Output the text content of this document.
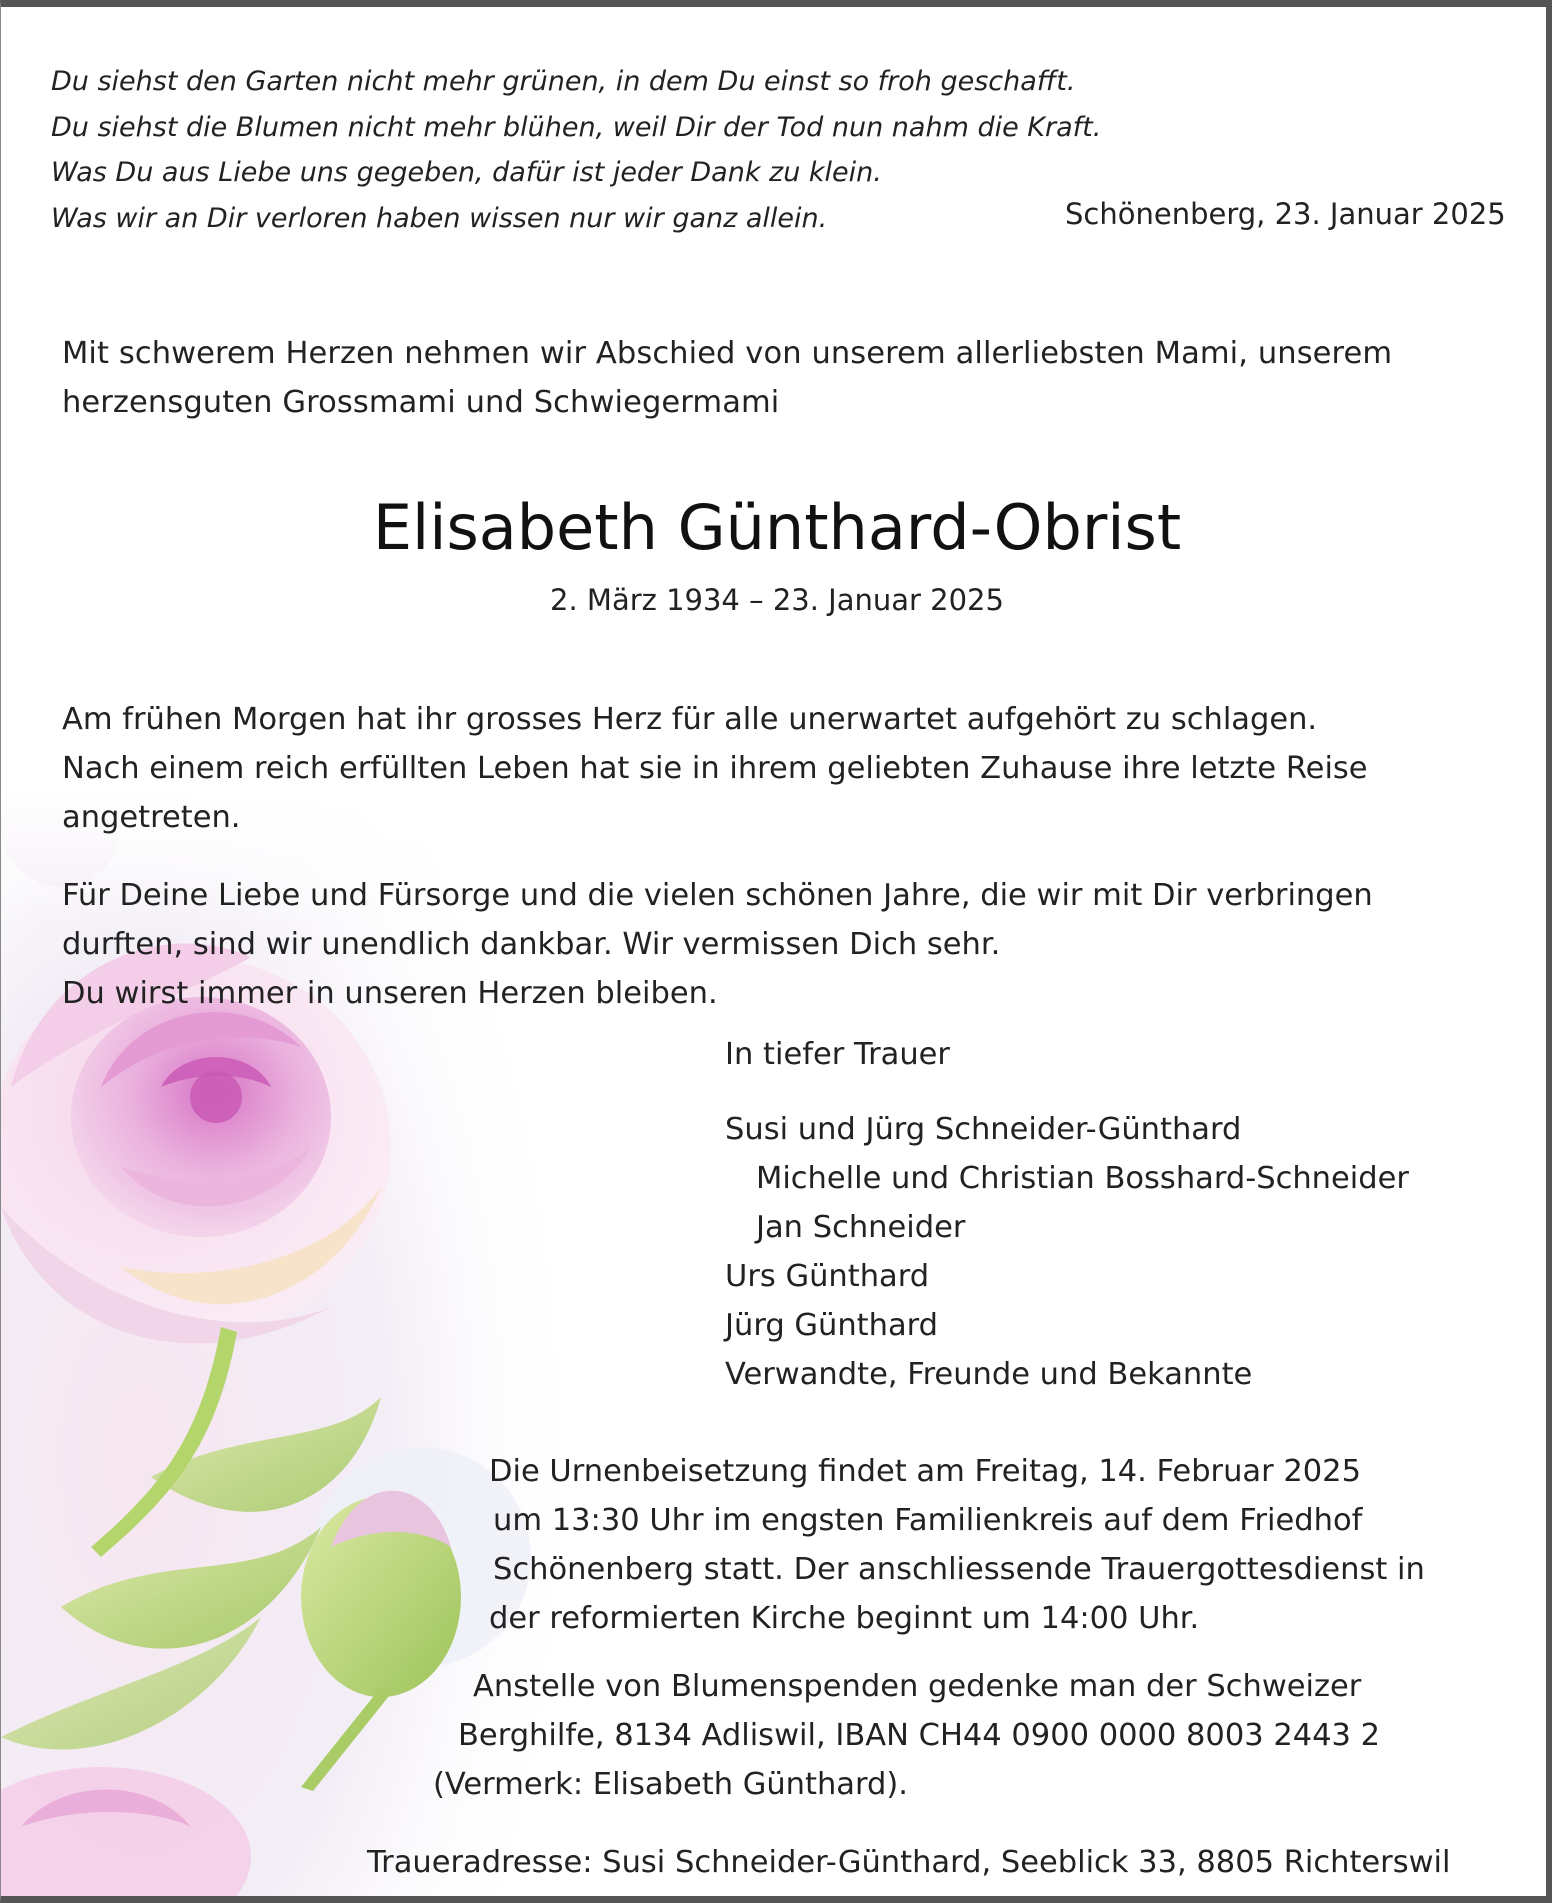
Du siehst den Garten nicht mehr grünen, in dem Du einst so froh geschafft.
Du siehst die Blumen nicht mehr blühen, weil Dir der Tod nun nahm die Kraft.
Was Du aus Liebe uns gegeben, dafür ist jeder Dank zu klein.
Was wir an Dir verloren haben wissen nur wir ganz allein.	Schönenberg, 23. Januar 2025
Mit schwerem Herzen nehmen wir Abschied von unserem allerliebsten Mami, unserem
herzensguten Grossmami und Schwiegermami
Elisabeth Günthard-Obrist
2. März 1934 – 23. Januar 2025
Am frühen Morgen hat ihr grosses Herz für alle unerwartet aufgehört zu schlagen.
Nach einem reich erfüllten Leben hat sie in ihrem geliebten Zuhause ihre letzte Reise
angetreten.
Für Deine Liebe und Fürsorge und die vielen schönen Jahre, die wir mit Dir verbringen
durften, sind wir unendlich dankbar. Wir vermissen Dich sehr.
Du wirst immer in unseren Herzen bleiben.
In tiefer Trauer
Susi und Jürg Schneider-Günthard
Michelle und Christian Bosshard-Schneider
Jan Schneider
Urs Günthard
Jürg Günthard
Verwandte, Freunde und Bekannte
Die Urnenbeisetzung findet am Freitag, 14. Februar 2025
um 13:30 Uhr im engsten Familienkreis auf dem Friedhof
Schönenberg statt. Der anschliessende Trauergottesdienst in
der reformierten Kirche beginnt um 14:00 Uhr.
Anstelle von Blumenspenden gedenke man der Schweizer
Berghilfe, 8134 Adliswil, IBAN CH44 0900 0000 8003 2443 2
(Vermerk: Elisabeth Günthard).
Traueradresse: Susi Schneider-Günthard, Seeblick 33, 8805 Richterswil
